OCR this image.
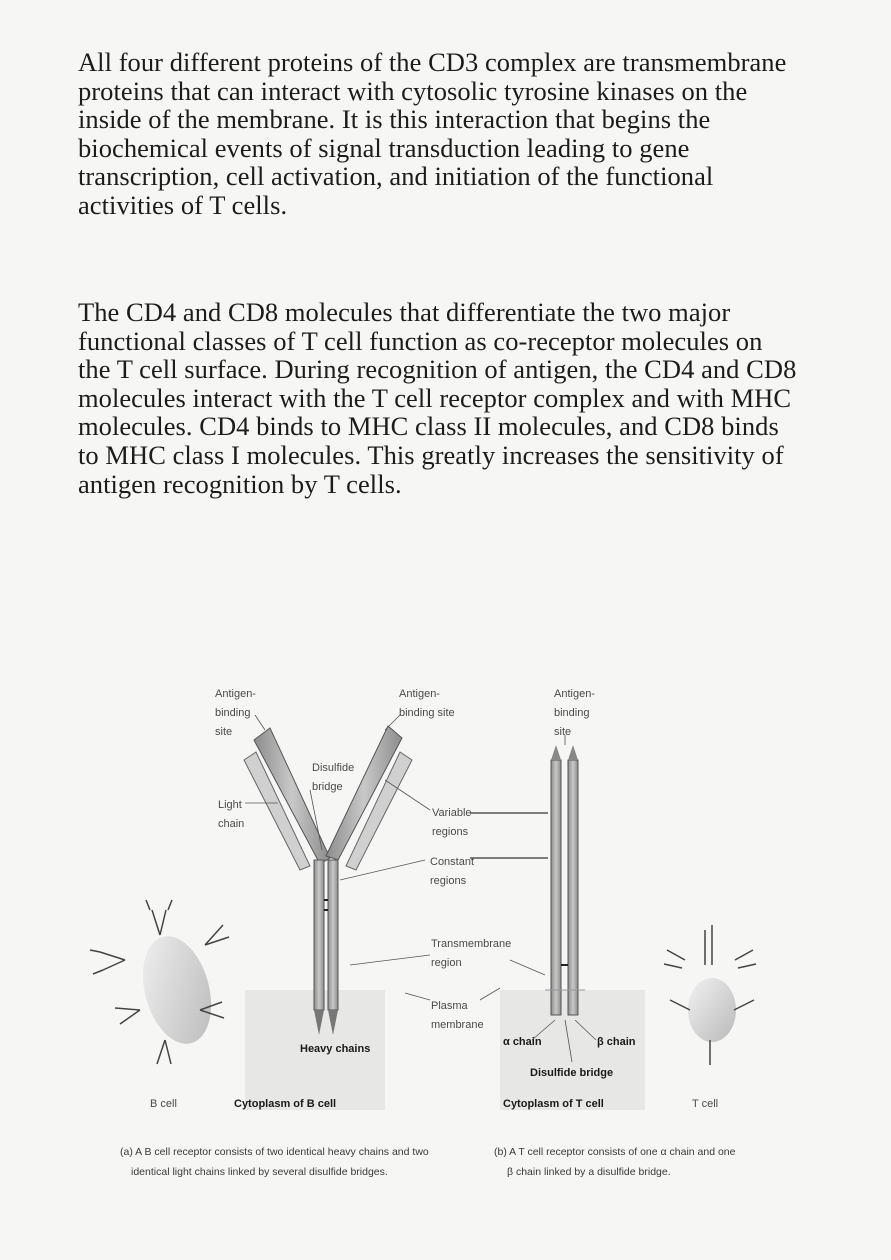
All four different proteins of the CD3 complex are transmembrane proteins that can interact with cytosolic tyrosine kinases on the inside of the membrane. It is this interaction that begins the biochemical events of signal transduction leading to gene transcription, cell activation, and initiation of the functional activities of T cells.

The CD4 and CD8 molecules that differentiate the two major functional classes of T cell function as co-receptor molecules on the T cell surface. During recognition of antigen, the CD4 and CD8 molecules interact with the T cell receptor complex and with MHC molecules. CD4 binds to MHC class II molecules, and CD8 binds to MHC class I molecules. This greatly increases the sensitivity of antigen recognition by T cells.

Antigen- binding site
Antigen- binding site
Antigen- binding site
Disulfide bridge
Light chain
Variable regions
Constant regions
Transmembrane region
Plasma membrane
Heavy chains
Cytoplasm of B cell
B cell
α chain	β chain
Disulfide bridge
Cytoplasm of T cell	T cell
(a) A B cell receptor consists of two identical heavy chains and two identical light chains linked by several disulfide bridges.
(b) A T cell receptor consists of one α chain and one β chain linked by a disulfide bridge.
